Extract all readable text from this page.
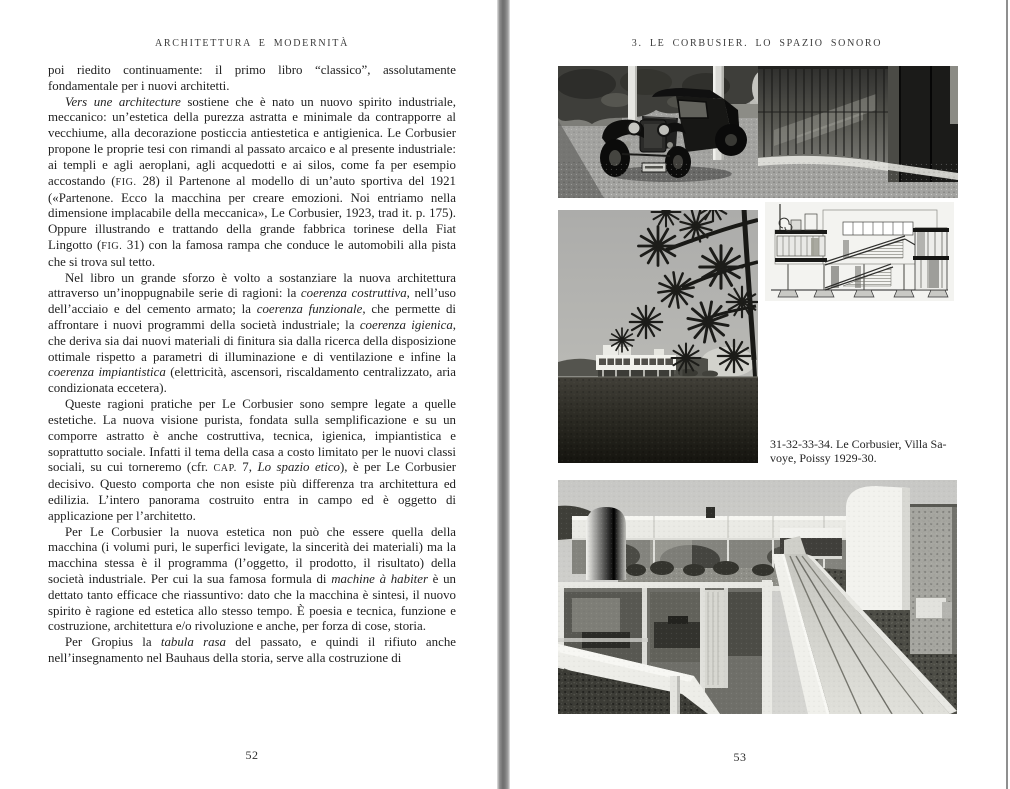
ARCHITETTURA E MODERNITÀ

poi riedito continuamente: il primo libro “classico”, assolutamente fondamentale per i nuovi architetti.

Vers une architecture sostiene che è nato un nuovo spirito industriale, meccanico: un’estetica della purezza astratta e minimale da contrapporre al vecchiume, alla decorazione posticcia antiestetica e antigienica. Le Corbusier propone le proprie tesi con rimandi al passato arcaico e al presente industriale: ai templi e agli aeroplani, agli acquedotti e ai silos, come fa per esempio accostando (FIG. 28) il Partenone al modello di un’auto sportiva del 1921 («Partenone. Ecco la macchina per creare emozioni. Noi entriamo nella dimensione implacabile della meccanica», Le Corbusier, 1923, trad it. p. 175). Oppure illustrando e trattando della grande fabbrica torinese della Fiat Lingotto (FIG. 31) con la famosa rampa che conduce le automobili alla pista che si trova sul tetto.

Nel libro un grande sforzo è volto a sostanziare la nuova architettura attraverso un’inoppugnabile serie di ragioni: la coerenza costruttiva, nell’uso dell’acciaio e del cemento armato; la coerenza funzionale, che permette di affrontare i nuovi programmi della società industriale; la coerenza igienica, che deriva sia dai nuovi materiali di finitura sia dalla ricerca della disposizione ottimale rispetto a parametri di illuminazione e di ventilazione e infine la coerenza impiantistica (elettricità, ascensori, riscaldamento centralizzato, aria condizionata eccetera).

Queste ragioni pratiche per Le Corbusier sono sempre legate a quelle estetiche. La nuova visione purista, fondata sulla semplificazione e su un comporre astratto è anche costruttiva, tecnica, igienica, impiantistica e soprattutto sociale. Infatti il tema della casa a costo limitato per le nuovi classi sociali, su cui torneremo (cfr. CAP. 7, Lo spazio etico), è per Le Corbusier decisivo. Questo comporta che non esiste più differenza tra architettura ed edilizia. L’intero panorama costruito entra in campo ed è oggetto di applicazione per l’architetto.

Per Le Corbusier la nuova estetica non può che essere quella della macchina (i volumi puri, le superfici levigate, la sincerità dei materiali) ma la macchina stessa è il programma (l’oggetto, il prodotto, il risultato) della società industriale. Per cui la sua famosa formula di machine à habiter è un dettato tanto efficace che riassuntivo: dato che la macchina è sintesi, il nuovo spirito è ragione ed estetica allo stesso tempo. È poesia e tecnica, funzione e costruzione, architettura e/o rivoluzione e anche, per forza di cose, storia.

Per Gropius la tabula rasa del passato, e quindi il rifiuto anche nell’insegnamento nel Bauhaus della storia, serve alla costruzione di

52
3. LE CORBUSIER. LO SPAZIO SONORO
31-32-33-34. Le Corbusier, Villa Sa-
voye, Poissy 1929-30.
53
